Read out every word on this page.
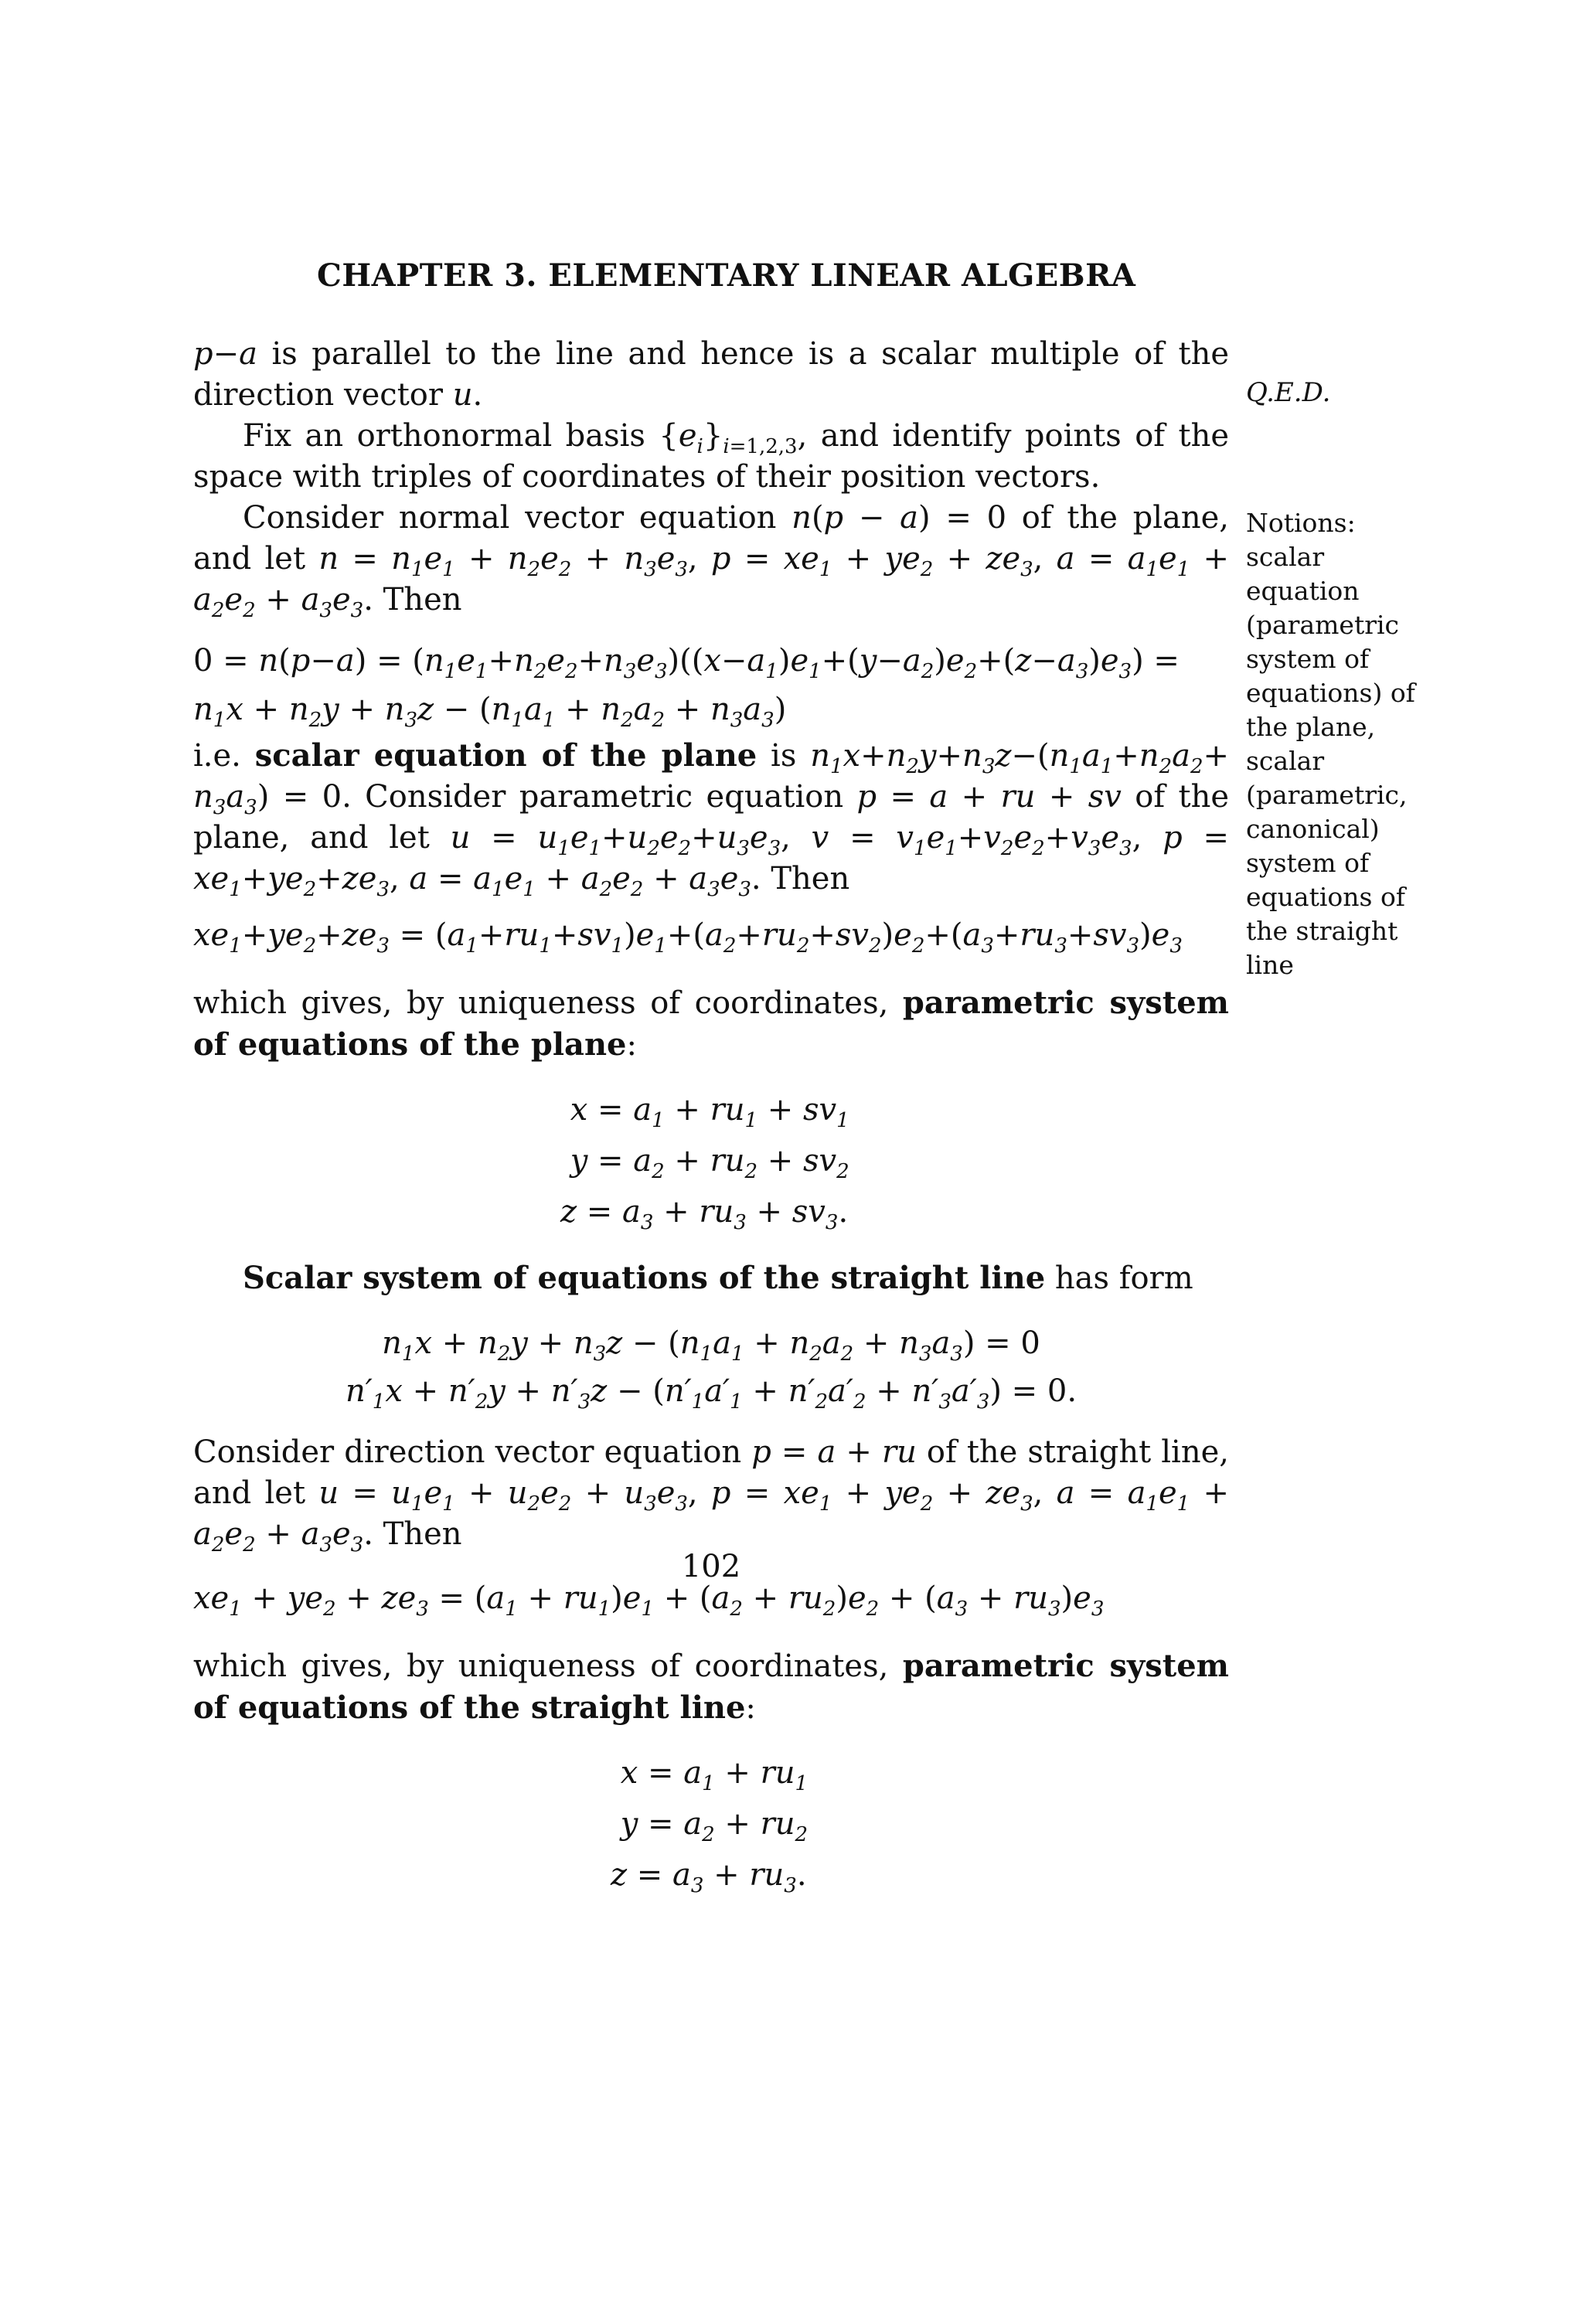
CHAPTER 3. ELEMENTARY LINEAR ALGEBRA
Q.E.D.
Notions: scalar equation (parametric system of equations) of the plane, scalar (parametric, canonical) system of equations of the straight line

p−a is parallel to the line and hence is a scalar multiple of the direction vector u.

Fix an orthonormal basis $\{e_i\}_{i=1,2,3}$, and identify points of the space with triples of coordinates of their position vectors.

Consider normal vector equation n(p − a) = 0 of the plane, and let $n = n_1e_1 + n_2e_2 + n_3e_3$, $p = xe_1 + ye_2 + ze_3$, $a = a_1e_1 + a_2e_2 + a_3e_3$. Then

$0 = n(p-a) = (n_1e_1+n_2e_2+n_3e_3)((x-a_1)e_1+(y-a_2)e_2+(z-a_3)e_3)$ =

$n_1x + n_2y + n_3z - (n_1a_1 + n_2a_2 + n_3a_3)$

i.e. scalar equation of the plane is $n_1x+n_2y+n_3z-(n_1a_1+n_2a_2+ n_3a_3) = 0$. Consider parametric equation p = a + ru + sv of the plane, and let $u = u_1e_1+u_2e_2+u_3e_3$, $v = v_1e_1+v_2e_2+v_3e_3$, $p = xe_1+ye_2+ze_3$, $a = a_1e_1 + a_2e_2 + a_3e_3$. Then

$xe_1+ye_2+ze_3 = (a_1+ru_1+sv_1)e_1+(a_2+ru_2+sv_2)e_2+(a_3+ru_3+sv_3)e_3$

which gives, by uniqueness of coordinates, parametric system of equations of the plane:

$x = a_1 + ru_1 + sv_1$
$y = a_2 + ru_2 + sv_2$
$z = a_3 + ru_3 + sv_3$.

Scalar system of equations of the straight line has form

$n_1x + n_2y + n_3z - (n_1a_1 + n_2a_2 + n_3a_3) = 0$
$n'_1x + n'_2y + n'_3z - (n'_1a'_1 + n'_2a'_2 + n'_3a'_3) = 0$.

Consider direction vector equation p = a + ru of the straight line, and let $u = u_1e_1 + u_2e_2 + u_3e_3$, $p = xe_1 + ye_2 + ze_3$, $a = a_1e_1 + a_2e_2 + a_3e_3$. Then

$xe_1 + ye_2 + ze_3 = (a_1 + ru_1)e_1 + (a_2 + ru_2)e_2 + (a_3 + ru_3)e_3$

which gives, by uniqueness of coordinates, parametric system of equations of the straight line:

$x = a_1 + ru_1$
$y = a_2 + ru_2$
$z = a_3 + ru_3$.
102
